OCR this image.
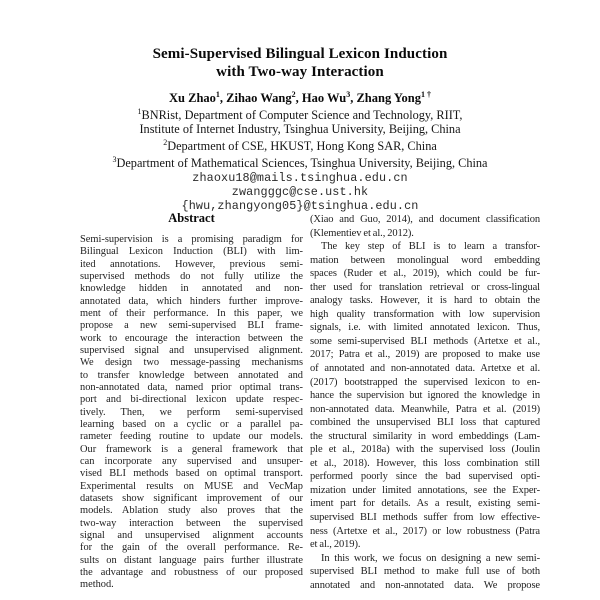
Semi-Supervised Bilingual Lexicon Induction
with Two-way Interaction
Xu Zhao$^1$, Zihao Wang$^2$, Hao Wu$^3$, Zhang Yong$^{1 \dagger}$
$^1$BNRist, Department of Computer Science and Technology, RIIT,
Institute of Internet Industry, Tsinghua University, Beijing, China
$^2$Department of CSE, HKUST, Hong Kong SAR, China
$^3$Department of Mathematical Sciences, Tsinghua University, Beijing, China
zhaoxu18@mails.tsinghua.edu.cn
zwangggc@cse.ust.hk
{hwu,zhangyong05}@tsinghua.edu.cn
Abstract
Semi-supervision is a promising paradigm for
Bilingual Lexicon Induction (BLI) with lim-
ited annotations. However, previous semi-
supervised methods do not fully utilize the
knowledge hidden in annotated and non-
annotated data, which hinders further improve-
ment of their performance. In this paper, we
propose a new semi-supervised BLI frame-
work to encourage the interaction between the
supervised signal and unsupervised alignment.
We design two message-passing mechanisms
to transfer knowledge between annotated and
non-annotated data, named prior optimal trans-
port and bi-directional lexicon update respec-
tively. Then, we perform semi-supervised
learning based on a cyclic or a parallel pa-
rameter feeding routine to update our models.
Our framework is a general framework that
can incorporate any supervised and unsuper-
vised BLI methods based on optimal transport.
Experimental results on MUSE and VecMap
datasets show significant improvement of our
models. Ablation study also proves that the
two-way interaction between the supervised
signal and unsupervised alignment accounts
for the gain of the overall performance. Re-
sults on distant language pairs further illustrate
the advantage and robustness of our proposed
method.
(Xiao and Guo, 2014), and document classification
(Klementiev et al., 2012).
The key step of BLI is to learn a transfor-
mation between monolingual word embedding
spaces (Ruder et al., 2019), which could be fur-
ther used for translation retrieval or cross-lingual
analogy tasks. However, it is hard to obtain the
high quality transformation with low supervision
signals, i.e. with limited annotated lexicon. Thus,
some semi-supervised BLI methods (Artetxe et al.,
2017; Patra et al., 2019) are proposed to make use
of annotated and non-annotated data. Artetxe et al.
(2017) bootstrapped the supervised lexicon to en-
hance the supervision but ignored the knowledge in
non-annotated data. Meanwhile, Patra et al. (2019)
combined the unsupervised BLI loss that captured
the structural similarity in word embeddings (Lam-
ple et al., 2018a) with the supervised loss (Joulin
et al., 2018). However, this loss combination still
performed poorly since the bad supervised opti-
mization under limited annotations, see the Exper-
iment part for details. As a result, existing semi-
supervised BLI methods suffer from low effective-
ness (Artetxe et al., 2017) or low robustness (Patra
et al., 2019).
In this work, we focus on designing a new semi-
supervised BLI method to make full use of both
annotated and non-annotated data. We propose
